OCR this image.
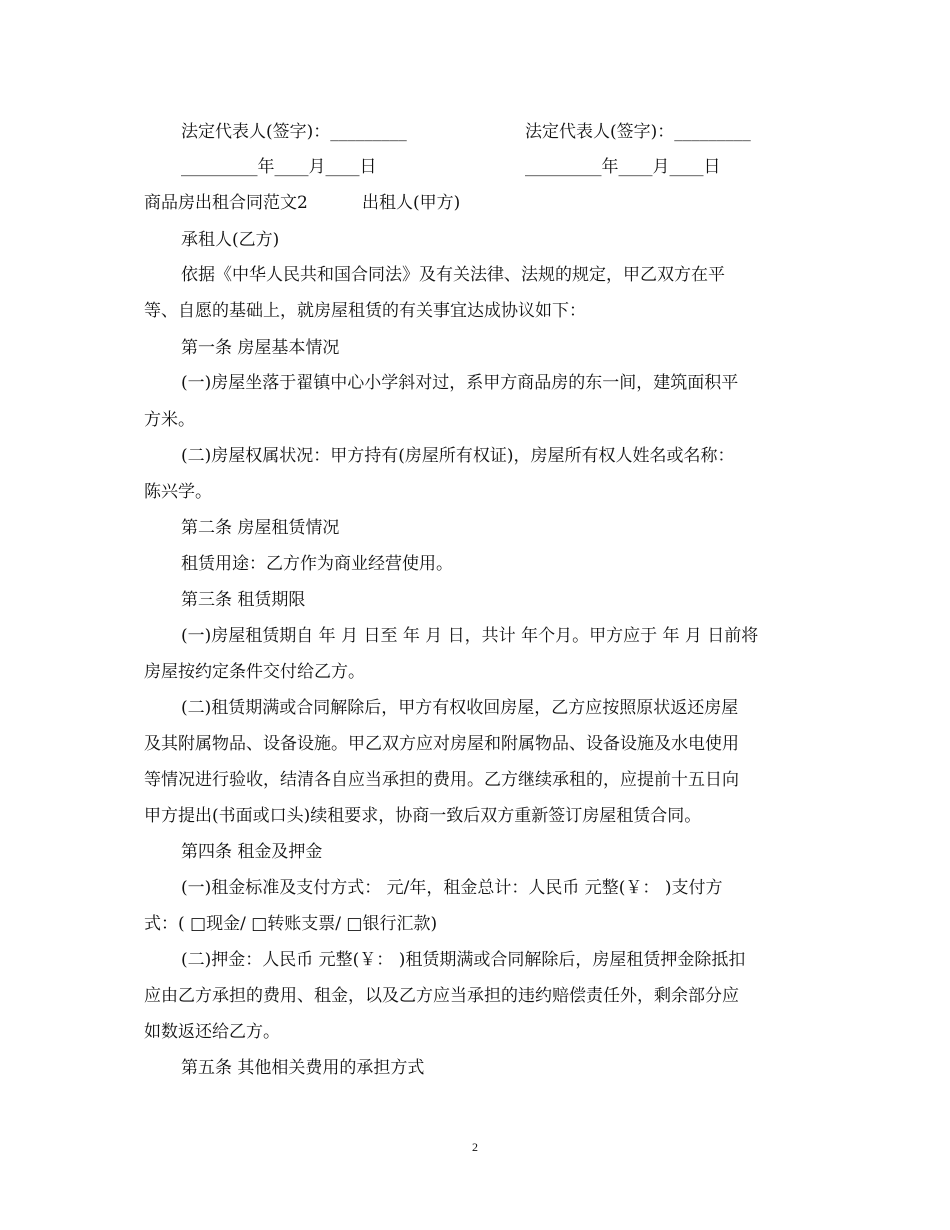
法定代表人(签字)：_________	法定代表人(签字)：_________
_________年____月____日	_________年____月____日
商品房出租合同范文2	出租人(甲方)
承租人(乙方)
依据《中华人民共和国合同法》及有关法律、法规的规定，甲乙双方在平
等、自愿的基础上，就房屋租赁的有关事宜达成协议如下：
第一条 房屋基本情况
(一)房屋坐落于翟镇中心小学斜对过，系甲方商品房的东一间，建筑面积平
方米。
(二)房屋权属状况：甲方持有(房屋所有权证)，房屋所有权人姓名或名称：
陈兴学。
第二条 房屋租赁情况
租赁用途：乙方作为商业经营使用。
第三条 租赁期限
(一)房屋租赁期自 年 月 日至 年 月 日，共计 年个月。甲方应于 年 月 日前将
房屋按约定条件交付给乙方。
(二)租赁期满或合同解除后，甲方有权收回房屋，乙方应按照原状返还房屋
及其附属物品、设备设施。甲乙双方应对房屋和附属物品、设备设施及水电使用
等情况进行验收，结清各自应当承担的费用。乙方继续承租的，应提前十五日向
甲方提出(书面或口头)续租要求，协商一致后双方重新签订房屋租赁合同。
第四条 租金及押金
(一)租金标准及支付方式： 元/年，租金总计：人民币 元整(￥： )支付方
式：( □现金/ □转账支票/ □银行汇款)
(二)押金：人民币 元整(￥： )租赁期满或合同解除后，房屋租赁押金除抵扣
应由乙方承担的费用、租金，以及乙方应当承担的违约赔偿责任外，剩余部分应
如数返还给乙方。
第五条 其他相关费用的承担方式
2
